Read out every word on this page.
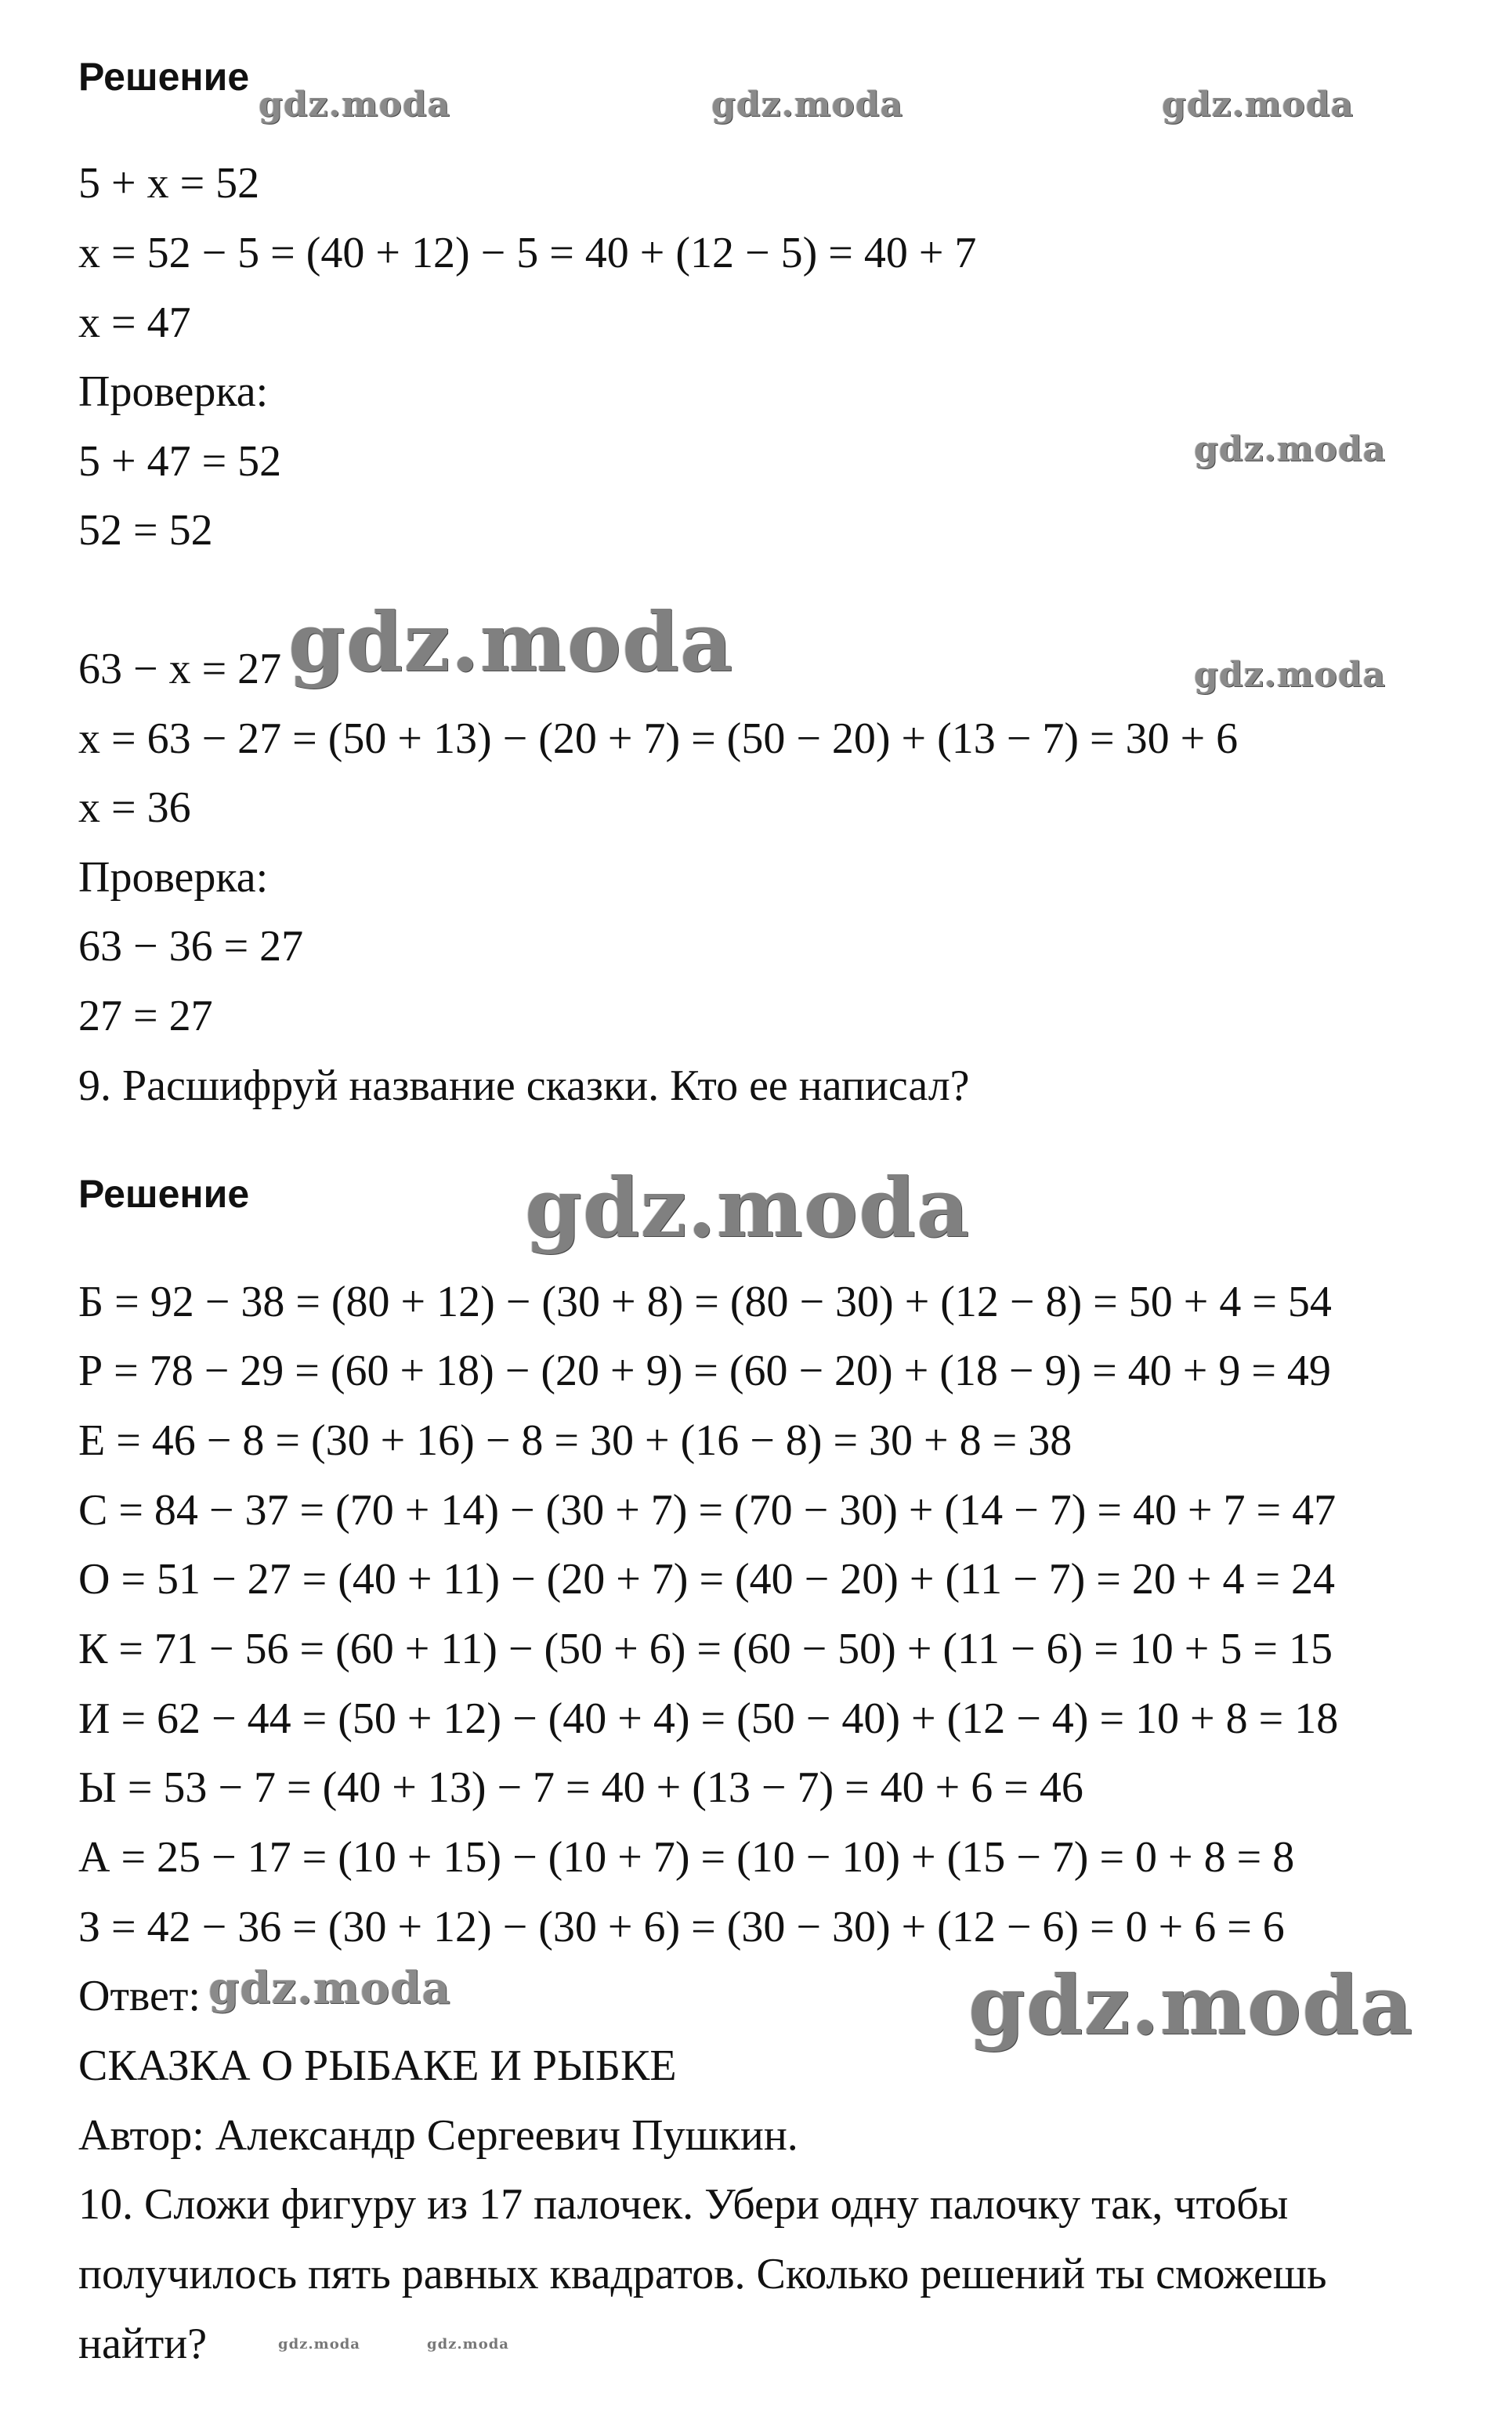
Решение
5 + x = 52
x = 52 − 5 = (40 + 12) − 5 = 40 + (12 − 5) = 40 + 7
x = 47
Проверка:
5 + 47 = 52
52 = 52
63 − x = 27
x = 63 − 27 = (50 + 13) − (20 + 7) = (50 − 20) + (13 − 7) = 30 + 6
x = 36
Проверка:
63 − 36 = 27
27 = 27
9. Расшифруй название сказки. Кто ее написал?
Решение
Б = 92 − 38 = (80 + 12) − (30 + 8) = (80 − 30) + (12 − 8) = 50 + 4 = 54
Р = 78 − 29 = (60 + 18) − (20 + 9) = (60 − 20) + (18 − 9) = 40 + 9 = 49
Е = 46 − 8 = (30 + 16) − 8 = 30 + (16 − 8) = 30 + 8 = 38
С = 84 − 37 = (70 + 14) − (30 + 7) = (70 − 30) + (14 − 7) = 40 + 7 = 47
О = 51 − 27 = (40 + 11) − (20 + 7) = (40 − 20) + (11 − 7) = 20 + 4 = 24
К = 71 − 56 = (60 + 11) − (50 + 6) = (60 − 50) + (11 − 6) = 10 + 5 = 15
И = 62 − 44 = (50 + 12) − (40 + 4) = (50 − 40) + (12 − 4) = 10 + 8 = 18
Ы = 53 − 7 = (40 + 13) − 7 = 40 + (13 − 7) = 40 + 6 = 46
А = 25 − 17 = (10 + 15) − (10 + 7) = (10 − 10) + (15 − 7) = 0 + 8 = 8
З = 42 − 36 = (30 + 12) − (30 + 6) = (30 − 30) + (12 − 6) = 0 + 6 = 6
Ответ:
СКАЗКА О РЫБАКЕ И РЫБКЕ
Автор: Александр Сергеевич Пушкин.
10. Сложи фигуру из 17 палочек. Убери одну палочку так, чтобы
получилось пять равных квадратов. Сколько решений ты сможешь
найти?
gdz.moda	gdz.moda	gdz.moda
gdz.moda
gdz.moda	gdz.moda
gdz.moda
gdz.moda	gdz.moda
gdz.moda	gdz.moda
